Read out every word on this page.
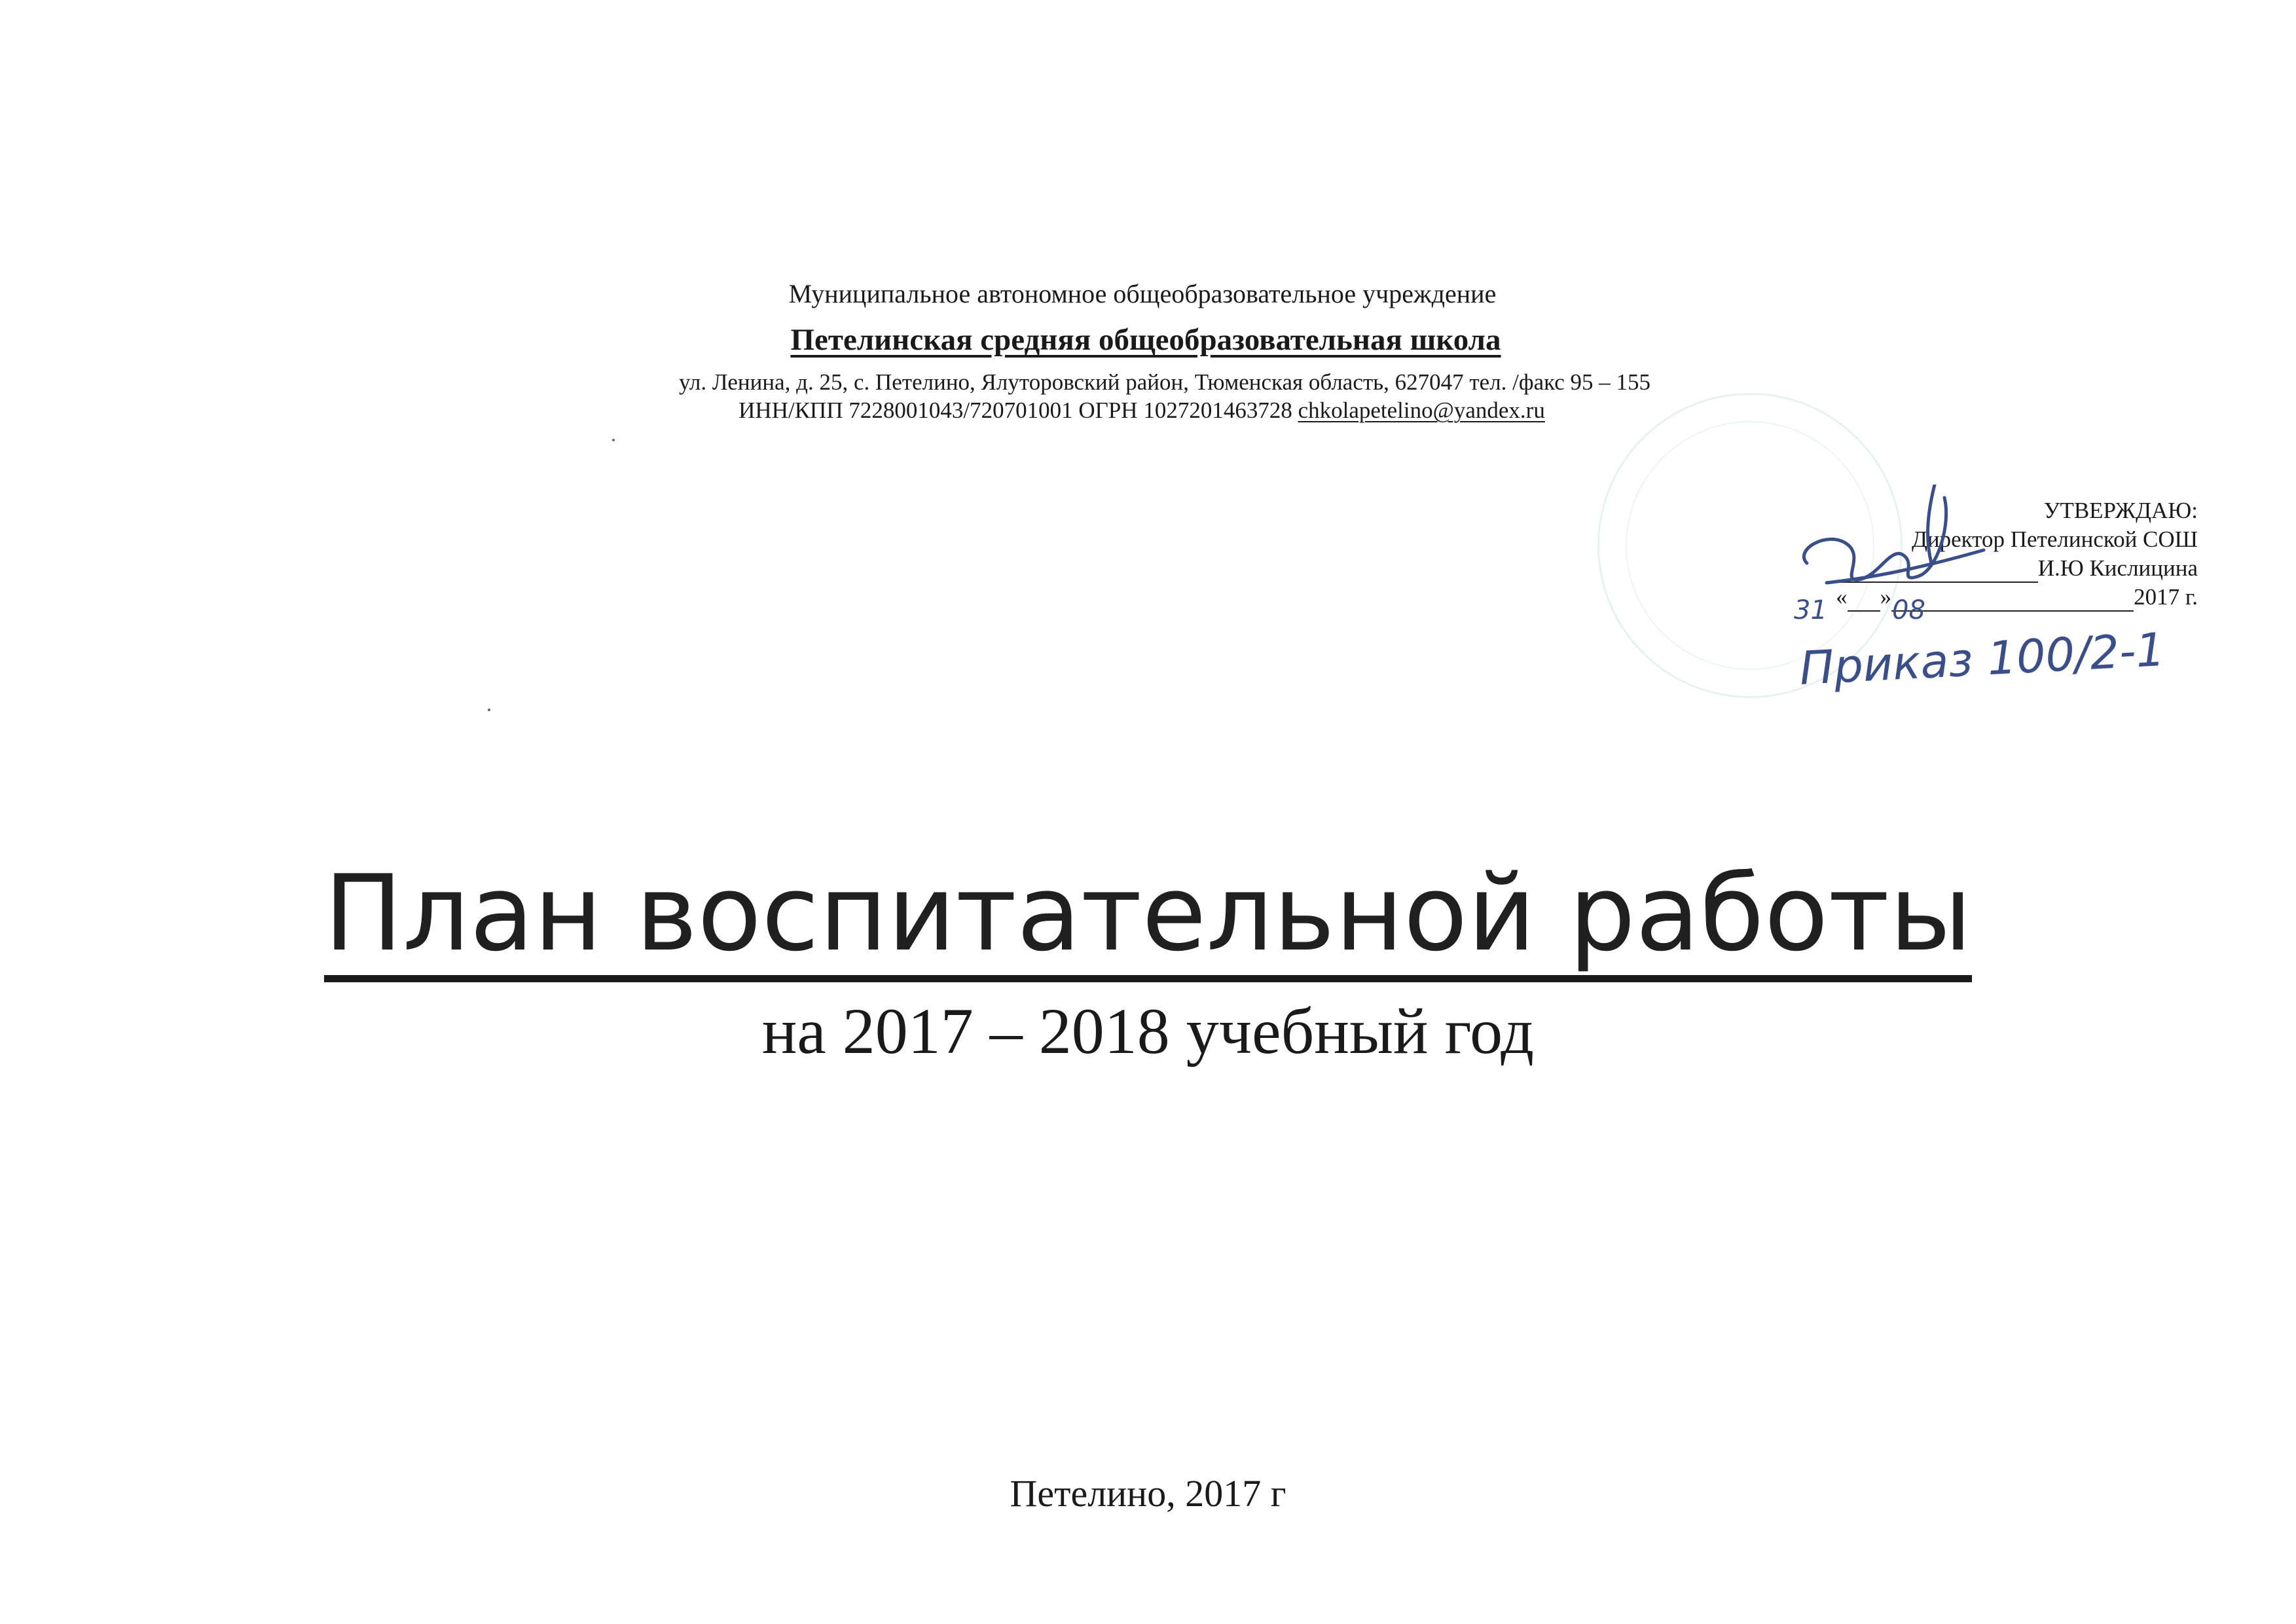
Муниципальное автономное общеобразовательное учреждение
Петелинская средняя общеобразовательная школа
ул. Ленина, д. 25, с. Петелино, Ялуторовский район, Тюменская область, 627047 тел. /факс 95 – 155
ИНН/КПП 7228001043/720701001 ОГРН 1027201463728 chkolapetelino@yandex.ru
УТВЕРЖДАЮ:
Директор Петелинской СОШ
И.Ю Кислицина
« »	2017 г.
31 08
Приказ 100/2-1
План воспитательной работы
на 2017 – 2018 учебный год
Петелино, 2017 г
